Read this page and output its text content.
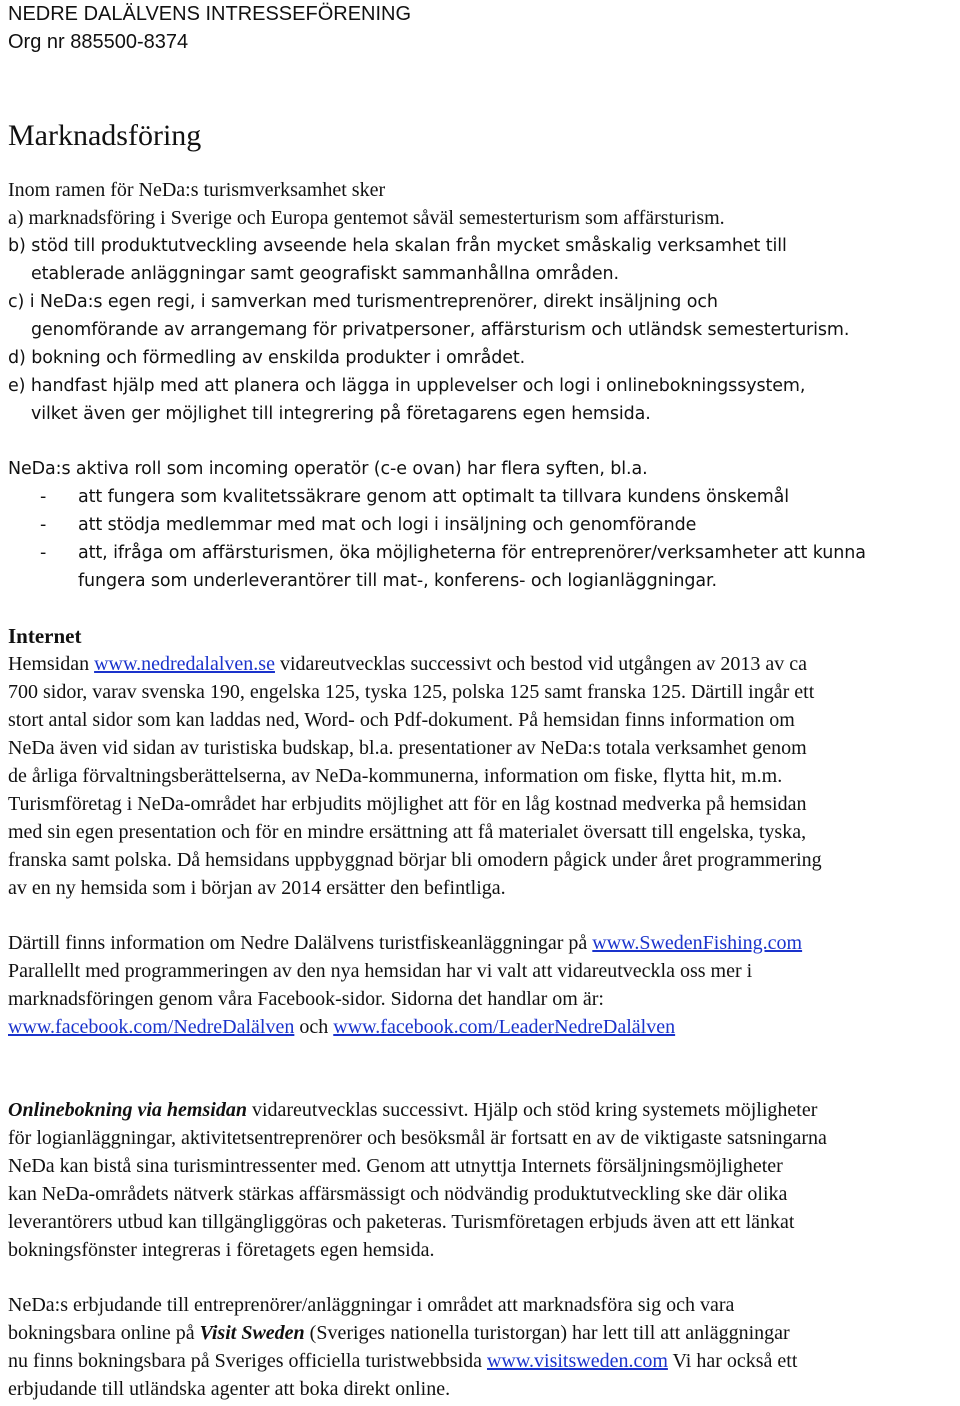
NEDRE DALÄLVENS INTRESSEFÖRENING
Org nr 885500-8374
Marknadsföring

Inom ramen för NeDa:s turismverksamhet sker

a) marknadsföring i Sverige och Europa gentemot såväl semesterturism som affärsturism.

b) stöd till produktutveckling avseende hela skalan från mycket småskalig verksamhet till
etablerade anläggningar samt geografiskt sammanhållna områden.
c) i NeDa:s egen regi, i samverkan med turismentreprenörer, direkt insäljning och
genomförande av arrangemang för privatpersoner, affärsturism och utländsk semesterturism.
d) bokning och förmedling av enskilda produkter i området.
e) handfast hjälp med att planera och lägga in upplevelser och logi i onlinebokningssystem,
vilket även ger möjlighet till integrering på företagarens egen hemsida.
NeDa:s aktiva roll som incoming operatör (c-e ovan) har flera syften, bl.a.
-	att fungera som kvalitetssäkrare genom att optimalt ta tillvara kundens önskemål
-	att stödja medlemmar med mat och logi i insäljning och genomförande
-	att, ifråga om affärsturismen, öka möjligheterna för entreprenörer/verksamheter att kunna
fungera som underleverantörer till mat-, konferens- och logianläggningar.
Internet

Hemsidan www.nedredalalven.se vidareutvecklas successivt och bestod vid utgången av 2013 av ca
700 sidor, varav svenska 190, engelska 125, tyska 125, polska 125 samt franska 125. Därtill ingår ett
stort antal sidor som kan laddas ned, Word- och Pdf-dokument. På hemsidan finns information om
NeDa även vid sidan av turistiska budskap, bl.a. presentationer av NeDa:s totala verksamhet genom
de årliga förvaltningsberättelserna, av NeDa-kommunerna, information om fiske, flytta hit, m.m.
Turismföretag i NeDa-området har erbjudits möjlighet att för en låg kostnad medverka på hemsidan
med sin egen presentation och för en mindre ersättning att få materialet översatt till engelska, tyska,
franska samt polska. Då hemsidans uppbyggnad börjar bli omodern pågick under året programmering
av en ny hemsida som i början av 2014 ersätter den befintliga.

Därtill finns information om Nedre Dalälvens turistfiskeanläggningar på www.SwedenFishing.com
Parallellt med programmeringen av den nya hemsidan har vi valt att vidareutveckla oss mer i
marknadsföringen genom våra Facebook-sidor. Sidorna det handlar om är:
www.facebook.com/NedreDalälven och www.facebook.com/LeaderNedreDalälven

Onlinebokning via hemsidan vidareutvecklas successivt. Hjälp och stöd kring systemets möjligheter
för logianläggningar, aktivitetsentreprenörer och besöksmål är fortsatt en av de viktigaste satsningarna
NeDa kan bistå sina turismintressenter med. Genom att utnyttja Internets försäljningsmöjligheter
kan NeDa-områdets nätverk stärkas affärsmässigt och nödvändig produktutveckling ske där olika
leverantörers utbud kan tillgängliggöras och paketeras. Turismföretagen erbjuds även att ett länkat
bokningsfönster integreras i företagets egen hemsida.

NeDa:s erbjudande till entreprenörer/anläggningar i området att marknadsföra sig och vara
bokningsbara online på Visit Sweden (Sveriges nationella turistorgan) har lett till att anläggningar
nu finns bokningsbara på Sveriges officiella turistwebbsida www.visitsweden.com Vi har också ett
erbjudande till utländska agenter att boka direkt online.
